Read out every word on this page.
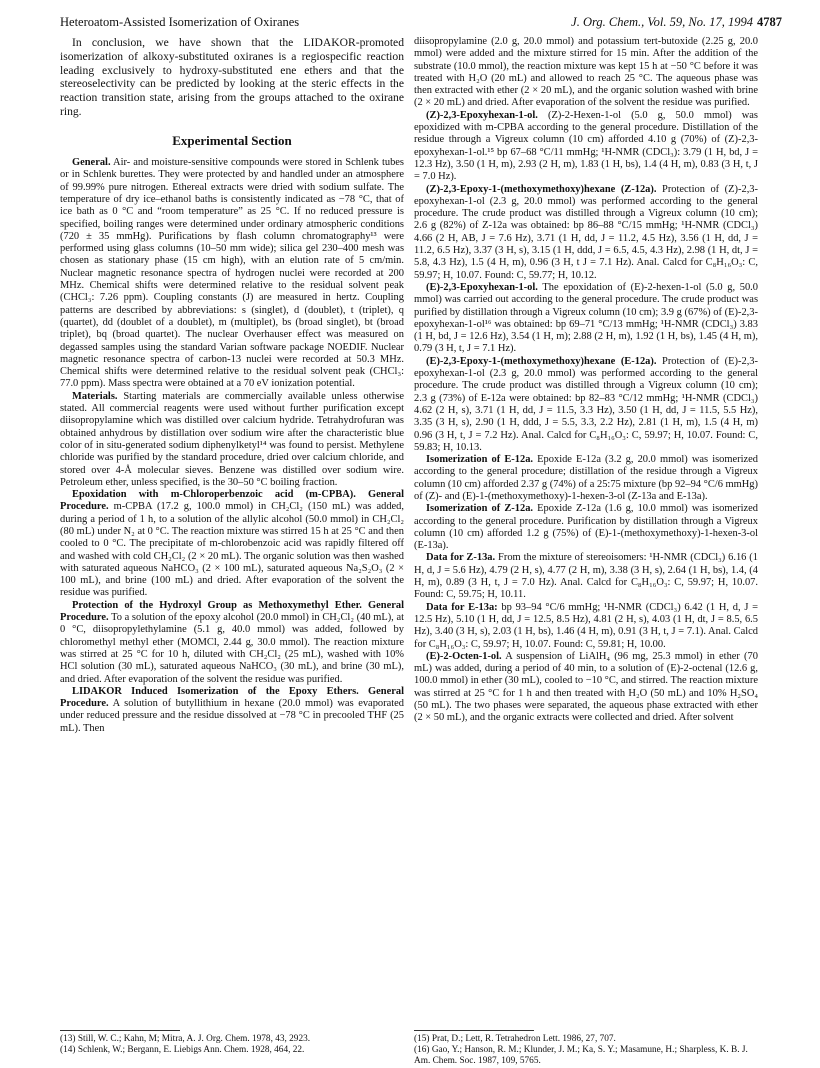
Heteroatom-Assisted Isomerization of Oxiranes	J. Org. Chem., Vol. 59, No. 17, 1994 4787

In conclusion, we have shown that the LIDAKOR-promoted isomerization of alkoxy-substituted oxiranes is a regiospecific reaction leading exclusively to hydroxy-substituted ene ethers and that the stereoselectivity can be predicted by looking at the steric effects in the reaction transition state, arising from the groups attached to the oxirane ring.

Experimental Section

General. Air- and moisture-sensitive compounds were stored in Schlenk tubes or in Schlenk burettes. They were protected by and handled under an atmosphere of 99.99% pure nitrogen. Ethereal extracts were dried with sodium sulfate. The temperature of dry ice–ethanol baths is consistently indicated as −78 °C, that of ice bath as 0 °C and “room temperature” as 25 °C. If no reduced pressure is specified, boiling ranges were determined under ordinary atmospheric conditions (720 ± 35 mmHg). Purifications by flash column chromatography¹³ were performed using glass columns (10–50 mm wide); silica gel 230–400 mesh was chosen as stationary phase (15 cm high), with an elution rate of 5 cm/min. Nuclear magnetic resonance spectra of hydrogen nuclei were recorded at 200 MHz. Chemical shifts were determined relative to the residual solvent peak (CHCl₃: 7.26 ppm). Coupling constants (J) are measured in hertz. Coupling patterns are described by abbreviations: s (singlet), d (doublet), t (triplet), q (quartet), dd (doublet of a doublet), m (multiplet), bs (broad singlet), bt (broad triplet), bq (broad quartet). The nuclear Overhauser effect was measured on degassed samples using the standard Varian software package NOEDIF. Nuclear magnetic resonance spectra of carbon-13 nuclei were recorded at 50.3 MHz. Chemical shifts were determined relative to the residual solvent peak (CHCl₃: 77.0 ppm). Mass spectra were obtained at a 70 eV ionization potential.

Materials. Starting materials are commercially available unless otherwise stated. All commercial reagents were used without further purification except diisopropylamine which was distilled over calcium hydride. Tetrahydrofuran was obtained anhydrous by distillation over sodium wire after the characteristic blue color of in situ-generated sodium diphenylketyl¹⁴ was found to persist. Methylene chloride was purified by the standard procedure, dried over calcium chloride, and stored over 4-Å molecular sieves. Benzene was distilled over sodium wire. Petroleum ether, unless specified, is the 30–50 °C boiling fraction.

Epoxidation with m-Chloroperbenzoic acid (m-CPBA). General Procedure. m-CPBA (17.2 g, 100.0 mmol) in CH₂Cl₂ (150 mL) was added, during a period of 1 h, to a solution of the allylic alcohol (50.0 mmol) in CH₂Cl₂ (80 mL) under N₂ at 0 °C. The reaction mixture was stirred 15 h at 25 °C and then cooled to 0 °C. The precipitate of m-chlorobenzoic acid was rapidly filtered off and washed with cold CH₂Cl₂ (2 × 20 mL). The organic solution was then washed with saturated aqueous NaHCO₃ (2 × 100 mL), saturated aqueous Na₂S₂O₃ (2 × 100 mL), and brine (100 mL) and dried. After evaporation of the solvent the residue was purified.

Protection of the Hydroxyl Group as Methoxymethyl Ether. General Procedure. To a solution of the epoxy alcohol (20.0 mmol) in CH₂Cl₂ (40 mL), at 0 °C, diisopropylethylamine (5.1 g, 40.0 mmol) was added, followed by chloromethyl methyl ether (MOMCl, 2.44 g, 30.0 mmol). The reaction mixture was stirred at 25 °C for 10 h, diluted with CH₂Cl₂ (25 mL), washed with 10% HCl solution (30 mL), saturated aqueous NaHCO₃ (30 mL), and brine (30 mL), and dried. After evaporation of the solvent the residue was purified.

LIDAKOR Induced Isomerization of the Epoxy Ethers. General Procedure. A solution of butyllithium in hexane (20.0 mmol) was evaporated under reduced pressure and the residue dissolved at −78 °C in precooled THF (25 mL). Then

diisopropylamine (2.0 g, 20.0 mmol) and potassium tert-butoxide (2.25 g, 20.0 mmol) were added and the mixture stirred for 15 min. After the addition of the substrate (10.0 mmol), the reaction mixture was kept 15 h at −50 °C before it was treated with H₂O (20 mL) and allowed to reach 25 °C. The aqueous phase was then extracted with ether (2 × 20 mL), and the organic solution washed with brine (2 × 20 mL) and dried. After evaporation of the solvent the residue was purified.

(Z)-2,3-Epoxyhexan-1-ol. (Z)-2-Hexen-1-ol (5.0 g, 50.0 mmol) was epoxidized with m-CPBA according to the general procedure. Distillation of the residue through a Vigreux column (10 cm) afforded 4.10 g (70%) of (Z)-2,3-epoxyhexan-1-ol.¹⁵ bp 67–68 °C/11 mmHg; ¹H-NMR (CDCl₃): 3.79 (1 H, bd, J = 12.3 Hz), 3.50 (1 H, m), 2.93 (2 H, m), 1.83 (1 H, bs), 1.4 (4 H, m), 0.83 (3 H, t, J = 7.0 Hz).

(Z)-2,3-Epoxy-1-(methoxymethoxy)hexane (Z-12a). Protection of (Z)-2,3-epoxyhexan-1-ol (2.3 g, 20.0 mmol) was performed according to the general procedure. The crude product was distilled through a Vigreux column (10 cm); 2.6 g (82%) of Z-12a was obtained: bp 86–88 °C/15 mmHg; ¹H-NMR (CDCl₃) 4.66 (2 H, AB, J = 7.6 Hz), 3.71 (1 H, dd, J = 11.2, 4.5 Hz), 3.56 (1 H, dd, J = 11.2, 6.5 Hz), 3.37 (3 H, s), 3.15 (1 H, ddd, J = 6.5, 4.5, 4.3 Hz), 2.98 (1 H, dt, J = 5.8, 4.3 Hz), 1.5 (4 H, m), 0.96 (3 H, t J = 7.1 Hz). Anal. Calcd for C₈H₁₆O₃: C, 59.97; H, 10.07. Found: C, 59.77; H, 10.12.

(E)-2,3-Epoxyhexan-1-ol. The epoxidation of (E)-2-hexen-1-ol (5.0 g, 50.0 mmol) was carried out according to the general procedure. The crude product was purified by distillation through a Vigreux column (10 cm); 3.9 g (67%) of (E)-2,3-epoxyhexan-1-ol¹⁶ was obtained: bp 69–71 °C/13 mmHg; ¹H-NMR (CDCl₃) 3.83 (1 H, bd, J = 12.6 Hz), 3.54 (1 H, m); 2.88 (2 H, m), 1.92 (1 H, bs), 1.45 (4 H, m), 0.79 (3 H, t, J = 7.1 Hz).

(E)-2,3-Epoxy-1-(methoxymethoxy)hexane (E-12a). Protection of (E)-2,3-epoxyhexan-1-ol (2.3 g, 20.0 mmol) was performed according to the general procedure. The crude product was distilled through a Vigreux column (10 cm); 2.3 g (73%) of E-12a were obtained: bp 82–83 °C/12 mmHg; ¹H-NMR (CDCl₃) 4.62 (2 H, s), 3.71 (1 H, dd, J = 11.5, 3.3 Hz), 3.50 (1 H, dd, J = 11.5, 5.5 Hz), 3.35 (3 H, s), 2.90 (1 H, ddd, J = 5.5, 3.3, 2.2 Hz), 2.81 (1 H, m), 1.5 (4 H, m) 0.96 (3 H, t, J = 7.2 Hz). Anal. Calcd for C₈H₁₆O₃: C, 59.97; H, 10.07. Found: C, 59.83; H, 10.13.

Isomerization of E-12a. Epoxide E-12a (3.2 g, 20.0 mmol) was isomerized according to the general procedure; distillation of the residue through a Vigreux column (10 cm) afforded 2.37 g (74%) of a 25:75 mixture (bp 92–94 °C/6 mmHg) of (Z)- and (E)-1-(methoxymethoxy)-1-hexen-3-ol (Z-13a and E-13a).

Isomerization of Z-12a. Epoxide Z-12a (1.6 g, 10.0 mmol) was isomerized according to the general procedure. Purification by distillation through a Vigreux column (10 cm) afforded 1.2 g (75%) of (E)-1-(methoxymethoxy)-1-hexen-3-ol (E-13a).

Data for Z-13a. From the mixture of stereoisomers: ¹H-NMR (CDCl₃) 6.16 (1 H, d, J = 5.6 Hz), 4.79 (2 H, s), 4.77 (2 H, m), 3.38 (3 H, s), 2.64 (1 H, bs), 1.4, (4 H, m), 0.89 (3 H, t, J = 7.0 Hz). Anal. Calcd for C₈H₁₆O₃: C, 59.97; H, 10.07. Found: C, 59.75; H, 10.11.

Data for E-13a: bp 93–94 °C/6 mmHg; ¹H-NMR (CDCl₃) 6.42 (1 H, d, J = 12.5 Hz), 5.10 (1 H, dd, J = 12.5, 8.5 Hz), 4.81 (2 H, s), 4.03 (1 H, dt, J = 8.5, 6.5 Hz), 3.40 (3 H, s), 2.03 (1 H, bs), 1.46 (4 H, m), 0.91 (3 H, t, J = 7.1). Anal. Calcd for C₈H₁₆O₃: C, 59.97; H, 10.07. Found: C, 59.81; H, 10.00.

(E)-2-Octen-1-ol. A suspension of LiAlH₄ (96 mg, 25.3 mmol) in ether (70 mL) was added, during a period of 40 min, to a solution of (E)-2-octenal (12.6 g, 100.0 mmol) in ether (30 mL), cooled to −10 °C, and stirred. The reaction mixture was stirred at 25 °C for 1 h and then treated with H₂O (50 mL) and 10% H₂SO₄ (50 mL). The two phases were separated, the aqueous phase extracted with ether (2 × 50 mL), and the organic extracts were collected and dried. After solvent

(13) Still, W. C.; Kahn, M; Mitra, A. J. Org. Chem. 1978, 43, 2923.

(14) Schlenk, W.; Bergann, E. Liebigs Ann. Chem. 1928, 464, 22.

(15) Prat, D.; Lett, R. Tetrahedron Lett. 1986, 27, 707.

(16) Gao, Y.; Hanson, R. M.; Klunder, J. M.; Ka, S. Y.; Masamune, H.; Sharpless, K. B. J. Am. Chem. Soc. 1987, 109, 5765.
